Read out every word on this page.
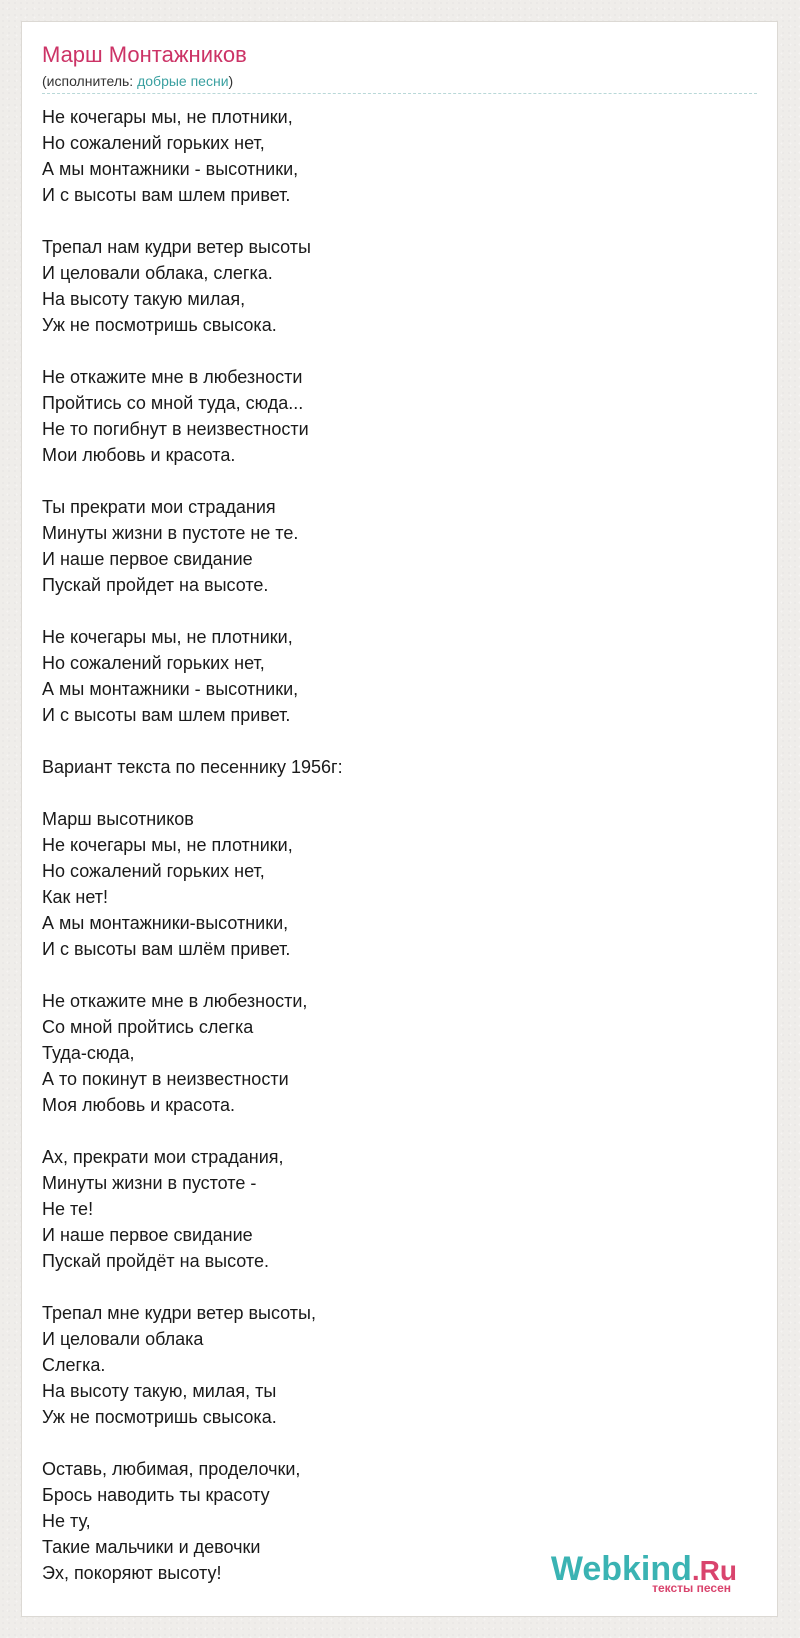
Марш Монтажников
(исполнитель: добрые песни)
Не кочегары мы, не плотники,
Но сожалений горьких нет,
А мы монтажники - высотники,
И с высоты вам шлем привет.
Трепал нам кудри ветер высоты
И целовали облака, слегка.
На высоту такую милая,
Уж не посмотришь свысока.
Не откажите мне в любезности
Пройтись со мной туда, сюда...
Не то погибнут в неизвестности
Мои любовь и красота.
Ты прекрати мои страдания
Минуты жизни в пустоте не те.
И наше первое свидание
Пускай пройдет на высоте.
Не кочегары мы, не плотники,
Но сожалений горьких нет,
А мы монтажники - высотники,
И с высоты вам шлем привет.
Вариант текста по песеннику 1956г:
Марш высотников
Не кочегары мы, не плотники,
Но сожалений горьких нет,
Как нет!
А мы монтажники-высотники,
И с высоты вам шлём привет.
Не откажите мне в любезности,
Со мной пройтись слегка
Туда-сюда,
А то покинут в неизвестности
Моя любовь и красота.
Ах, прекрати мои страдания,
Минуты жизни в пустоте -
Не те!
И наше первое свидание
Пускай пройдёт на высоте.
Трепал мне кудри ветер высоты,
И целовали облака
Слегка.
На высоту такую, милая, ты
Уж не посмотришь свысока.
Оставь, любимая, проделочки,
Брось наводить ты красоту
Не ту,
Такие мальчики и девочки
Эх, покоряют высоту!	Webkind.Ru
тексты песен
